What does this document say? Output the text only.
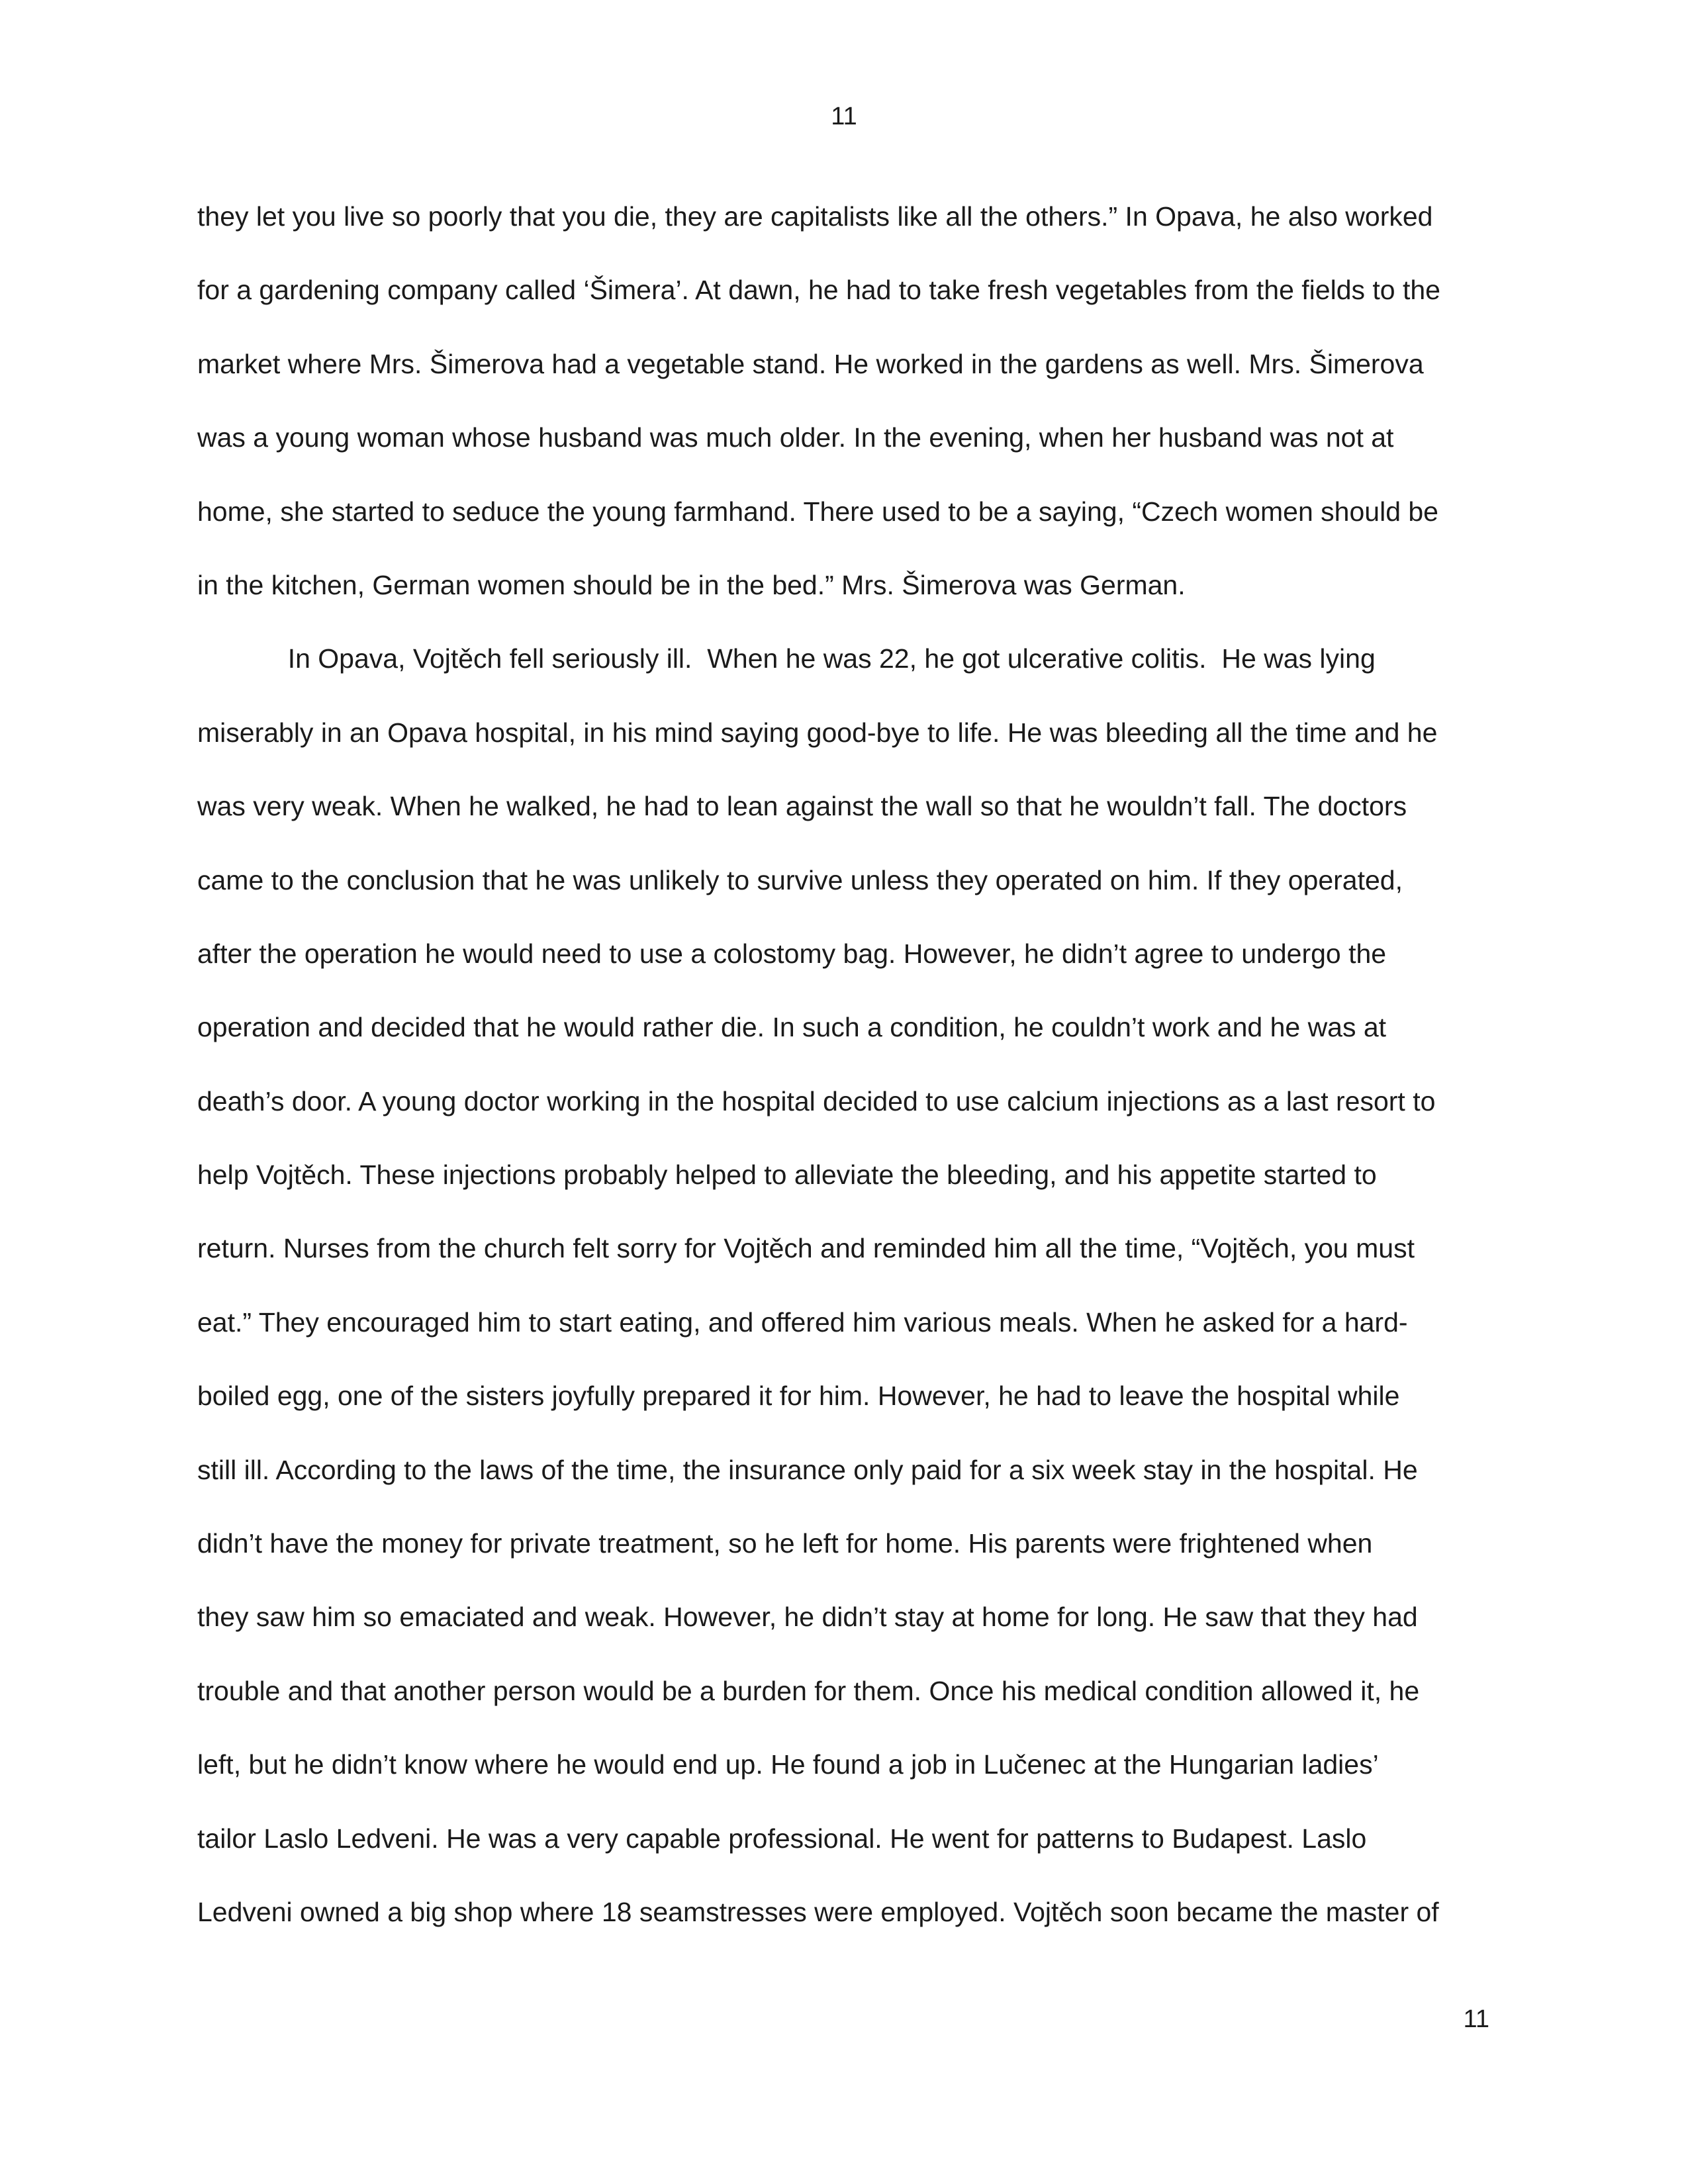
11
they let you live so poorly that you die, they are capitalists like all the others.” In Opava, he also worked
for a gardening company called ‘Šimera’. At dawn, he had to take fresh vegetables from the fields to the
market where Mrs. Šimerova had a vegetable stand. He worked in the gardens as well. Mrs. Šimerova
was a young woman whose husband was much older. In the evening, when her husband was not at
home, she started to seduce the young farmhand. There used to be a saying, “Czech women should be
in the kitchen, German women should be in the bed.” Mrs. Šimerova was German.
In Opava, Vojtěch fell seriously ill.  When he was 22, he got ulcerative colitis.  He was lying
miserably in an Opava hospital, in his mind saying good-bye to life. He was bleeding all the time and he
was very weak. When he walked, he had to lean against the wall so that he wouldn’t fall. The doctors
came to the conclusion that he was unlikely to survive unless they operated on him. If they operated,
after the operation he would need to use a colostomy bag. However, he didn’t agree to undergo the
operation and decided that he would rather die. In such a condition, he couldn’t work and he was at
death’s door. A young doctor working in the hospital decided to use calcium injections as a last resort to
help Vojtěch. These injections probably helped to alleviate the bleeding, and his appetite started to
return. Nurses from the church felt sorry for Vojtěch and reminded him all the time, “Vojtěch, you must
eat.” They encouraged him to start eating, and offered him various meals. When he asked for a hard-
boiled egg, one of the sisters joyfully prepared it for him. However, he had to leave the hospital while
still ill. According to the laws of the time, the insurance only paid for a six week stay in the hospital. He
didn’t have the money for private treatment, so he left for home. His parents were frightened when
they saw him so emaciated and weak. However, he didn’t stay at home for long. He saw that they had
trouble and that another person would be a burden for them. Once his medical condition allowed it, he
left, but he didn’t know where he would end up. He found a job in Lučenec at the Hungarian ladies’
tailor Laslo Ledveni. He was a very capable professional. He went for patterns to Budapest. Laslo
Ledveni owned a big shop where 18 seamstresses were employed. Vojtěch soon became the master of
11
